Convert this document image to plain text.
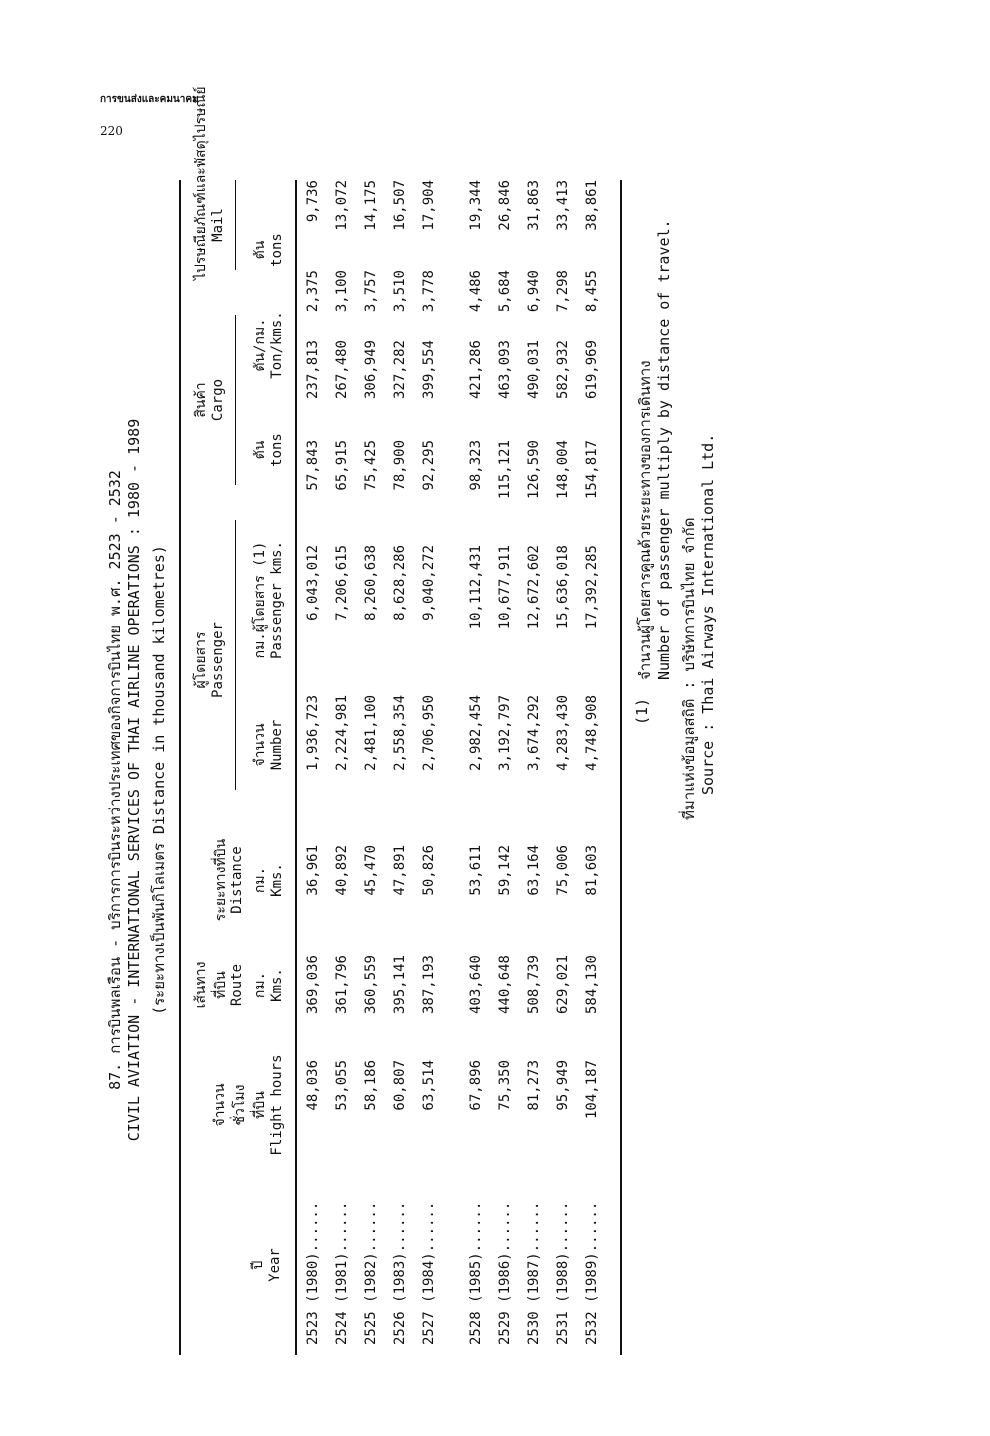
การขนส่งและคมนาคม
220
87. การบินพลเรือน - บริการการบินระหว่างประเทศของกิจการบินไทย พ.ศ. 2523 - 2532 CIVIL AVIATION - INTERNATIONAL SERVICES OF THAI AIRLINE OPERATIONS : 1980 - 1989 (ระยะทางเป็นพันกิโลเมตร Distance in thousand kilometres)
ปี Year
จำนวน ชั่วโมง ที่บิน Flight hours
เส้นทาง ที่บิน Route กม. Kms.
ระยะทางที่บิน Distance กม. Kms.
ผู้โดยสาร Passenger
จำนวน Number
กม.ผู้โดยสาร (1) Passenger kms.
สินค้า Cargo
ตัน tons
ตัน/กม. Ton/kms.
ไปรษณียภัณฑ์และพัสดุไปรษณีย์ Mail
ตัน tons
(1)
จำนวนผู้โดยสารคูณด้วยระยะทางของการเดินทาง Number of passenger multiply by distance of travel. ที่มาแห่งข้อมูลสถิติ : บริษัทการบินไทย จำกัด Source : Thai Airways International Ltd.
2523 (1980)......
48,036
369,036
36,961
1,936,723
6,043,012
57,843
237,813
2,375
9,736
2524 (1981)......
53,055
361,796
40,892
2,224,981
7,206,615
65,915
267,480
3,100
13,072
2525 (1982)......
58,186
360,559
45,470
2,481,100
8,260,638
75,425
306,949
3,757
14,175
2526 (1983)......
60,807
395,141
47,891
2,558,354
8,628,286
78,900
327,282
3,510
16,507
2527 (1984)......
63,514
387,193
50,826
2,706,950
9,040,272
92,295
399,554
3,778
17,904
2528 (1985)......
67,896
403,640
53,611
2,982,454
10,112,431
98,323
421,286
4,486
19,344
2529 (1986)......
75,350
440,648
59,142
3,192,797
10,677,911
115,121
463,093
5,684
26,846
2530 (1987)......
81,273
508,739
63,164
3,674,292
12,672,602
126,590
490,031
6,940
31,863
2531 (1988)......
95,949
629,021
75,006
4,283,430
15,636,018
148,004
582,932
7,298
33,413
2532 (1989)......
104,187
584,130
81,603
4,748,908
17,392,285
154,817
619,969
8,455
38,861
